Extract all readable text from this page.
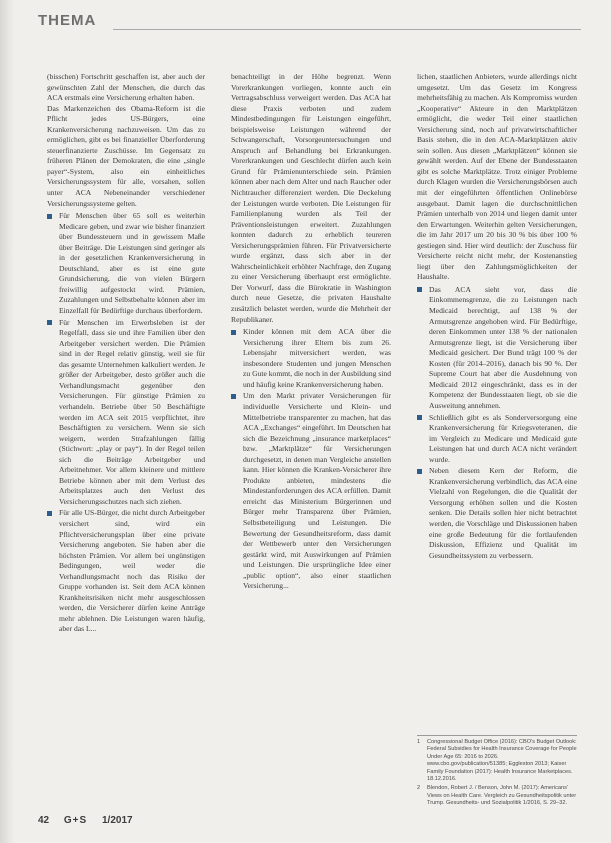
THEMA

(bisschen) Fortschritt geschaffen ist, aber auch der gewünschten Zahl der Menschen, die durch das ACA erstmals eine Versicherung erhalten haben.

Das Markenzeichen des Obama-Reform ist die Pflicht jedes US-Bürgers, eine Krankenversicherung nachzuweisen. Um das zu ermöglichen, gibt es bei finanzieller Überforderung steuerfinanzierte Zuschüsse. Im Gegensatz zu früheren Plänen der Demokraten, die eine „single payer“-System, also ein einheitliches Versicherungssystem für alle, vorsahen, sollen unter ACA Nebeneinander verschiedener Versicherungssysteme gelten.

Für Menschen über 65 soll es weiterhin Medicare geben, und zwar wie bisher finanziert über Bundessteuern und in gewissem Maße über Beiträge. Die Leistungen sind geringer als in der gesetzlichen Krankenversicherung in Deutschland, aber es ist eine gute Grundsicherung, die von vielen Bürgern freiwillig aufgestockt wird. Prämien, Zuzahlungen und Selbstbehalte können aber im Einzelfall für Bedürftige durchaus überfordern.
Für Menschen im Erwerbsleben ist der Regelfall, dass sie und ihre Familien über den Arbeitgeber versichert werden. Die Prämien sind in der Regel relativ günstig, weil sie für das gesamte Unternehmen kalkuliert werden. Je größer der Arbeitgeber, desto größer auch die Verhandlungsmacht gegenüber den Versicherungen. Für günstige Prämien zu verhandeln. Betriebe über 50 Beschäftigte werden im ACA seit 2015 verpflichtet, ihre Beschäftigten zu versichern. Wenn sie sich weigern, werden Strafzahlungen fällig (Stichwort: „play or pay“). In der Regel teilen sich die Beiträge Arbeitgeber und Arbeitnehmer. Vor allem kleinere und mittlere Betriebe können aber mit dem Verlust des Arbeitsplatzes auch den Verlust des Versicherungsschutzes nach sich ziehen.
Für alle US-Bürger, die nicht durch Arbeitgeber versichert sind, wird ein Pflichtversicherungsplan über eine private Versicherung angeboten. Sie haben aber die höchsten Prämien. Vor allem bei ungünstigen Bedingungen, weil weder die Verhandlungsmacht noch das Risiko der Gruppe vorhanden ist. Seit dem ACA können Krankheitsrisiken nicht mehr ausgeschlossen werden, die Versicherer dürfen keine Anträge mehr ablehnen. Die Leistungen waren häufig, aber das L...

benachteiligt in der Höhe begrenzt. Wenn Vorerkrankungen vorliegen, konnte auch ein Vertragsabschluss verweigert werden. Das ACA hat diese Praxis verboten und zudem Mindestbedingungen für Leistungen eingeführt, beispielsweise Leistungen während der Schwangerschaft, Vorsorgeuntersuchungen und Anspruch auf Behandlung bei Erkrankungen. Vorerkrankungen und Geschlecht dürfen auch kein Grund für Prämienunterschiede sein. Prämien können aber nach dem Alter und nach Raucher oder Nichtraucher differenziert werden. Die Deckelung der Leistungen wurde verboten. Die Leistungen für Familienplanung wurden als Teil der Präventionsleistungen erweitert. Zuzahlungen konnten dadurch zu erheblich teureren Versicherungsprämien führen. Für Privatversicherte wurde ergänzt, dass sich aber in der Wahrscheinlichkeit erhöhter Nachfrage, den Zugang zu einer Versicherung überhaupt erst ermöglichte. Der Vorwurf, dass die Bürokratie in Washington durch neue Gesetze, die privaten Haushalte zusätzlich belastet werden, wurde die Mehrheit der Republikaner.

Kinder können mit dem ACA über die Versicherung ihrer Eltern bis zum 26. Lebensjahr mitversichert werden, was insbesondere Studenten und jungen Menschen zu Gute kommt, die noch in der Ausbildung sind und häufig keine Krankenversicherung haben.
Um den Markt privater Versicherungen für individuelle Versicherte und Klein- und Mittelbetriebe transparenter zu machen, hat das ACA „Exchanges“ eingeführt. Im Deutschen hat sich die Bezeichnung „insurance marketplaces“ bzw. „Marktplätze“ für Versicherungen durchgesetzt, in denen man Vergleiche anstellen kann. Hier können die Kranken-Versicherer ihre Produkte anbieten, mindestens die Mindestanforderungen des ACA erfüllen. Damit erreicht das Ministerium Bürgerinnen und Bürger mehr Transparenz über Prämien, Selbstbeteiligung und Leistungen. Die Bewertung der Gesundheitsreform, dass damit der Wettbewerb unter den Versicherungen gestärkt wird, mit Auswirkungen auf Prämien und Leistungen. Die ursprüngliche Idee einer „public option“, also einer staatlichen Versicherung...

lichen, staatlichen Anbieters, wurde allerdings nicht umgesetzt. Um das Gesetz im Kongress mehrheitsfähig zu machen. Als Kompromiss wurden „Kooperative“ Akteure in den Marktplätzen ermöglicht, die weder Teil einer staatlichen Versicherung sind, noch auf privatwirtschaftlicher Basis stehen, die in den ACA-Marktplätzen aktiv sein sollen. Aus diesen „Marktplätzen“ können sie gewählt werden. Auf der Ebene der Bundesstaaten gibt es solche Marktplätze. Trotz einiger Probleme durch Klagen wurden die Versicherungsbörsen auch mit der eingeführten öffentlichen Onlinebörse ausgebaut. Damit lagen die durchschnittlichen Prämien unterhalb von 2014 und liegen damit unter den Erwartungen. Weiterhin gelten Versicherungen, die im Jahr 2017 um 20 bis 30 % bis über 100 % gestiegen sind. Hier wird deutlich: der Zuschuss für Versicherte reicht nicht mehr, der Kostenanstieg liegt über den Zahlungsmöglichkeiten der Haushalte.

Das ACA sieht vor, dass die Einkommensgrenze, die zu Leistungen nach Medicaid berechtigt, auf 138 % der Armutsgrenze angehoben wird. Für Bedürftige, deren Einkommen unter 138 % der nationalen Armutsgrenze liegt, ist die Versicherung über Medicaid gesichert. Der Bund trägt 100 % der Kosten (für 2014–2016), danach bis 90 %. Der Supreme Court hat aber die Ausdehnung von Medicaid 2012 eingeschränkt, dass es in der Kompetenz der Bundesstaaten liegt, ob sie die Ausweitung annehmen.
Schließlich gibt es als Sonderversorgung eine Krankenversicherung für Kriegsveteranen, die im Vergleich zu Medicare und Medicaid gute Leistungen hat und durch ACA nicht verändert wurde.
Neben diesem Kern der Reform, die Krankenversicherung verbindlich, das ACA eine Vielzahl von Regelungen, die die Qualität der Versorgung erhöhen sollen und die Kosten senken. Die Details sollen hier nicht betrachtet werden, die Vorschläge und Diskussionen haben eine große Bedeutung für die fortlaufenden Diskussion, Effizienz und Qualität im Gesundheitssystem zu verbessern.
1 Congressional Budget Office (2016): CBO's Budget Outlook: Federal Subsidies for Health Insurance Coverage for People Under Age 65: 2016 to 2026. www.cbo.gov/publication/51385; Eggleston 2013; Kaiser Family Foundation (2017): Health Insurance Marketplaces. 18.12.2016.
2 Blendon, Robert J. / Benson, John M. (2017): Americans' Views on Health Care. Vergleich zu Gesundheitspolitik unter Trump. Gesundheits- und Sozialpolitik 1/2016, S. 29–32.
42 G+S 1/2017
